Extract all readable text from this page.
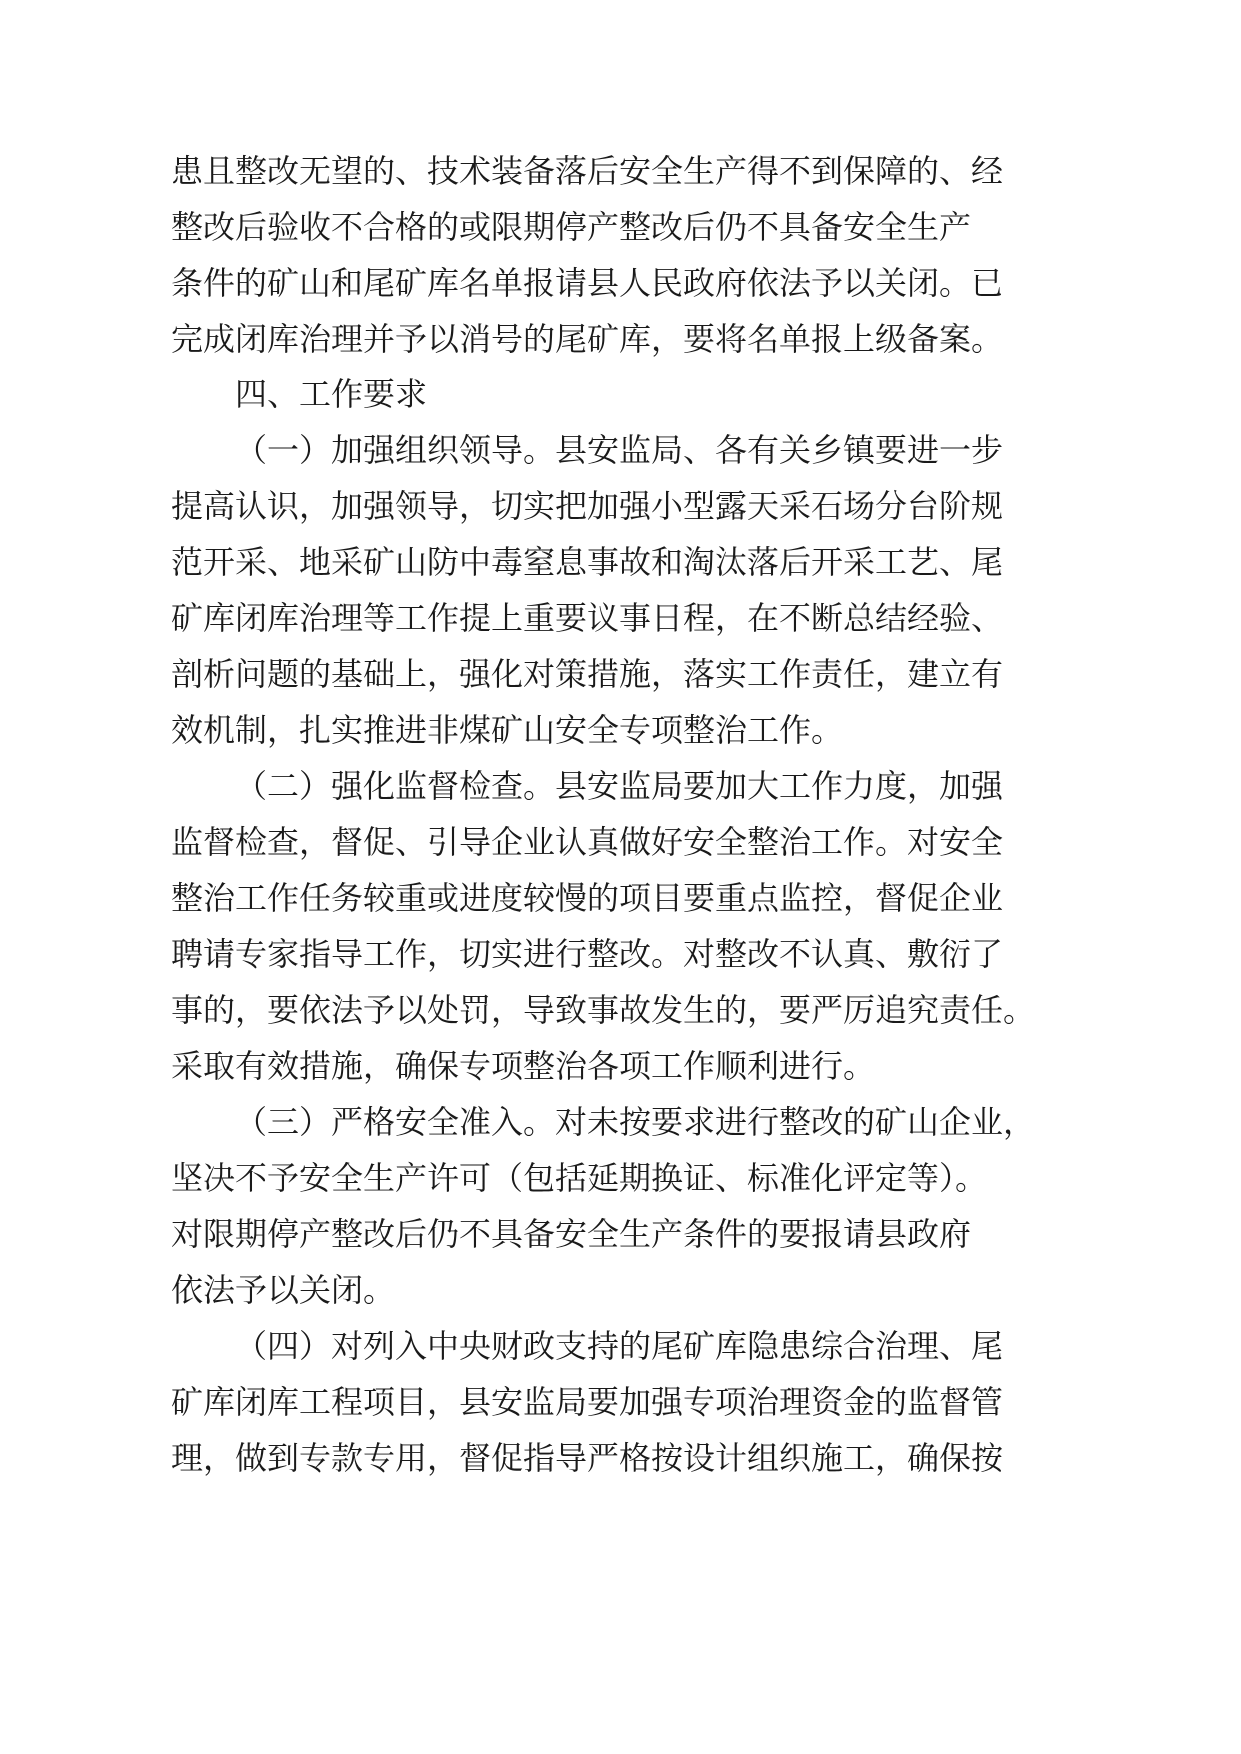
患且整改无望的、技术装备落后安全生产得不到保障的、经
整改后验收不合格的或限期停产整改后仍不具备安全生产
条件的矿山和尾矿库名单报请县人民政府依法予以关闭。已
完成闭库治理并予以消号的尾矿库，要将名单报上级备案。
四、工作要求
（一）加强组织领导。县安监局、各有关乡镇要进一步
提高认识，加强领导，切实把加强小型露天采石场分台阶规
范开采、地采矿山防中毒窒息事故和淘汰落后开采工艺、尾
矿库闭库治理等工作提上重要议事日程，在不断总结经验、
剖析问题的基础上，强化对策措施，落实工作责任，建立有
效机制，扎实推进非煤矿山安全专项整治工作。
（二）强化监督检查。县安监局要加大工作力度，加强
监督检查，督促、引导企业认真做好安全整治工作。对安全
整治工作任务较重或进度较慢的项目要重点监控，督促企业
聘请专家指导工作，切实进行整改。对整改不认真、敷衍了
事的，要依法予以处罚，导致事故发生的，要严厉追究责任。
采取有效措施，确保专项整治各项工作顺利进行。
（三）严格安全准入。对未按要求进行整改的矿山企业，
坚决不予安全生产许可（包括延期换证、标准化评定等）。
对限期停产整改后仍不具备安全生产条件的要报请县政府
依法予以关闭。
（四）对列入中央财政支持的尾矿库隐患综合治理、尾
矿库闭库工程项目，县安监局要加强专项治理资金的监督管
理，做到专款专用，督促指导严格按设计组织施工，确保按
